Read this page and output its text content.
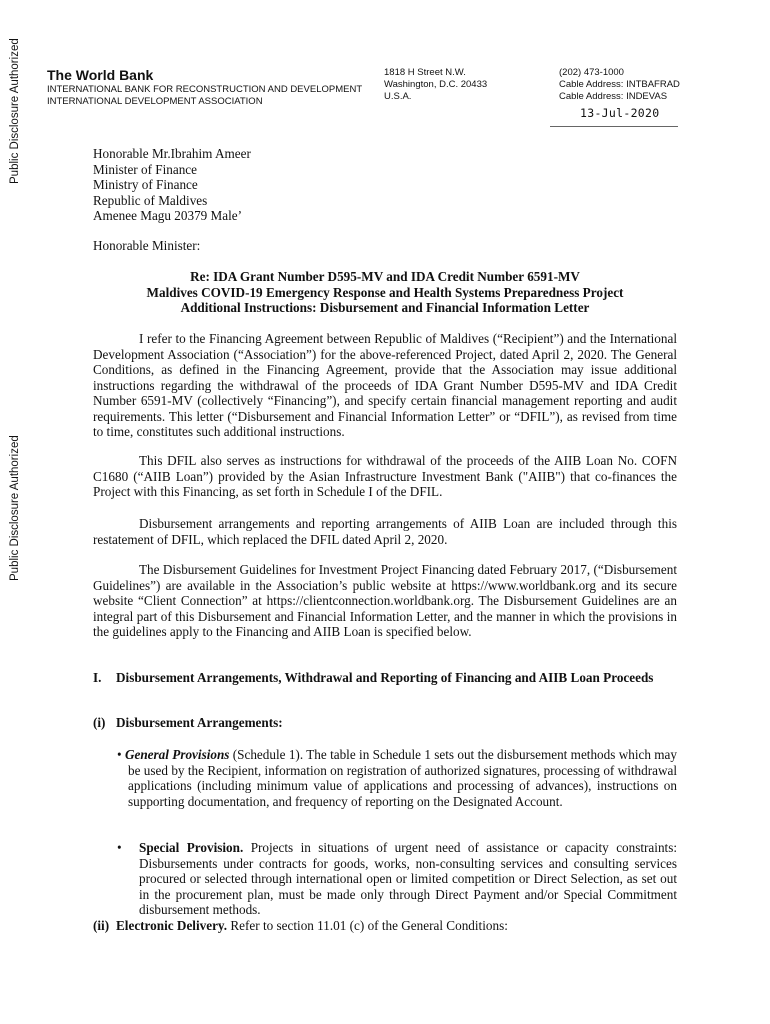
Public Disclosure Authorized
Public Disclosure Authorized
The World Bank
INTERNATIONAL BANK FOR RECONSTRUCTION AND DEVELOPMENT
INTERNATIONAL DEVELOPMENT ASSOCIATION
1818 H Street N.W.
Washington, D.C. 20433
U.S.A.
(202) 473-1000
Cable Address: INTBAFRAD
Cable Address: INDEVAS
13-Jul-2020
Honorable Mr.Ibrahim Ameer
Minister of Finance
Ministry of Finance
Republic of Maldives
Amenee Magu 20379 Male’
Honorable Minister:
Re: IDA Grant Number D595-MV and IDA Credit Number 6591-MV
Maldives COVID-19 Emergency Response and Health Systems Preparedness Project
Additional Instructions: Disbursement and Financial Information Letter
I refer to the Financing Agreement between Republic of Maldives (“Recipient”) and the International Development Association (“Association”) for the above-referenced Project, dated April 2, 2020. The General Conditions, as defined in the Financing Agreement, provide that the Association may issue additional instructions regarding the withdrawal of the proceeds of IDA Grant Number D595-MV and IDA Credit Number 6591-MV (collectively “Financing”), and specify certain financial management reporting and audit requirements. This letter (“Disbursement and Financial Information Letter” or “DFIL”), as revised from time to time, constitutes such additional instructions.
This DFIL also serves as instructions for withdrawal of the proceeds of the AIIB Loan No. COFN C1680 (“AIIB Loan”) provided by the Asian Infrastructure Investment Bank ("AIIB") that co-finances the Project with this Financing, as set forth in Schedule I of the DFIL.
Disbursement arrangements and reporting arrangements of AIIB Loan are included through this restatement of DFIL, which replaced the DFIL dated April 2, 2020.
The Disbursement Guidelines for Investment Project Financing dated February 2017, (“Disbursement Guidelines”) are available in the Association’s public website at https://www.worldbank.org and its secure website “Client Connection” at https://clientconnection.worldbank.org. The Disbursement Guidelines are an integral part of this Disbursement and Financial Information Letter, and the manner in which the provisions in the guidelines apply to the Financing and AIIB Loan is specified below.
I. Disbursement Arrangements, Withdrawal and Reporting of Financing and AIIB Loan Proceeds
(i) Disbursement Arrangements:
• General Provisions (Schedule 1). The table in Schedule 1 sets out the disbursement methods which may be used by the Recipient, information on registration of authorized signatures, processing of withdrawal applications (including minimum value of applications and processing of advances), instructions on supporting documentation, and frequency of reporting on the Designated Account.
• Special Provision. Projects in situations of urgent need of assistance or capacity constraints: Disbursements under contracts for goods, works, non-consulting services and consulting services procured or selected through international open or limited competition or Direct Selection, as set out in the procurement plan, must be made only through Direct Payment and/or Special Commitment disbursement methods.
(ii) Electronic Delivery. Refer to section 11.01 (c) of the General Conditions:
